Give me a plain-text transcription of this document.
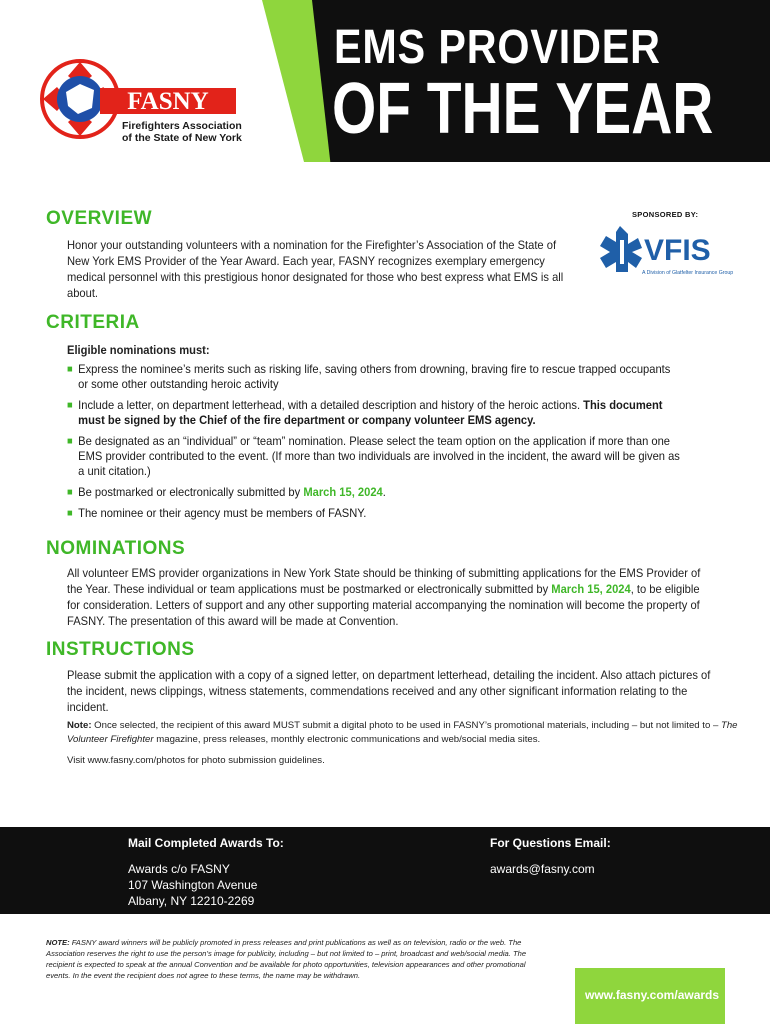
EMS PROVIDER
OF THE YEAR
FASNY
Firefighters Association
of the State of New York
SPONSORED BY:
VFIS
A Division of Glatfelter Insurance Group
OVERVIEW
Honor your outstanding volunteers with a nomination for the Firefighter’s Association of the State of New York EMS Provider of the Year Award. Each year, FASNY recognizes exemplary emergency medical personnel with this prestigious honor designated for those who best express what EMS is all about.
CRITERIA
Eligible nominations must:
■ Express the nominee’s merits such as risking life, saving others from drowning, braving fire to rescue trapped occupants or some other outstanding heroic activity
■ Include a letter, on department letterhead, with a detailed description and history of the heroic actions. This document must be signed by the Chief of the fire department or company volunteer EMS agency.
■ Be designated as an “individual” or “team” nomination. Please select the team option on the application if more than one EMS provider contributed to the event. (If more than two individuals are involved in the incident, the award will be given as a unit citation.)
■ Be postmarked or electronically submitted by March 15, 2024.
■ The nominee or their agency must be members of FASNY.
NOMINATIONS
All volunteer EMS provider organizations in New York State should be thinking of submitting applications for the EMS Provider of the Year. These individual or team applications must be postmarked or electronically submitted by March 15, 2024, to be eligible for consideration. Letters of support and any other supporting material accompanying the nomination will become the property of FASNY. The presentation of this award will be made at Convention.
INSTRUCTIONS
Please submit the application with a copy of a signed letter, on department letterhead, detailing the incident. Also attach pictures of the incident, news clippings, witness statements, commendations received and any other significant information relating to the incident.
Note: Once selected, the recipient of this award MUST submit a digital photo to be used in FASNY’s promotional materials, including – but not limited to – The Volunteer Firefighter magazine, press releases, monthly electronic communications and web/social media sites.
Visit www.fasny.com/photos for photo submission guidelines.
Mail Completed Awards To:
Awards c/o FASNY
107 Washington Avenue
Albany, NY 12210-2269
For Questions Email:
awards@fasny.com
NOTE: FASNY award winners will be publicly promoted in press releases and print publications as well as on television, radio or the web. The Association reserves the right to use the person’s image for publicity, including – but not limited to – print, broadcast and web/social media. The recipient is expected to speak at the annual Convention and be available for photo opportunities, television appearances and other promotional events. In the event the recipient does not agree to these terms, the name may be withdrawn.
www.fasny.com/awards
